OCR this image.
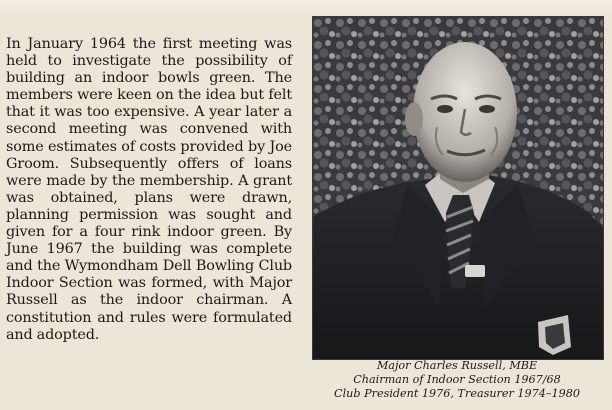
In January 1964 the first meeting was held to investigate the possibility of building an indoor bowls green. The members were keen on the idea but felt that it was too expensive. A year later a second meeting was convened with some estimates of costs provided by Joe Groom. Subsequently offers of loans were made by the membership. A grant was obtained, plans were drawn, planning permission was sought and given for a four rink indoor green. By June 1967 the building was complete and the Wymondham Dell Bowling Club Indoor Section was formed, with Major Russell as the indoor chairman. A constitution and rules were formulated and adopted.

Major Charles Russell, MBE
Chairman of Indoor Section 1967/68
Club President 1976, Treasurer 1974–1980
